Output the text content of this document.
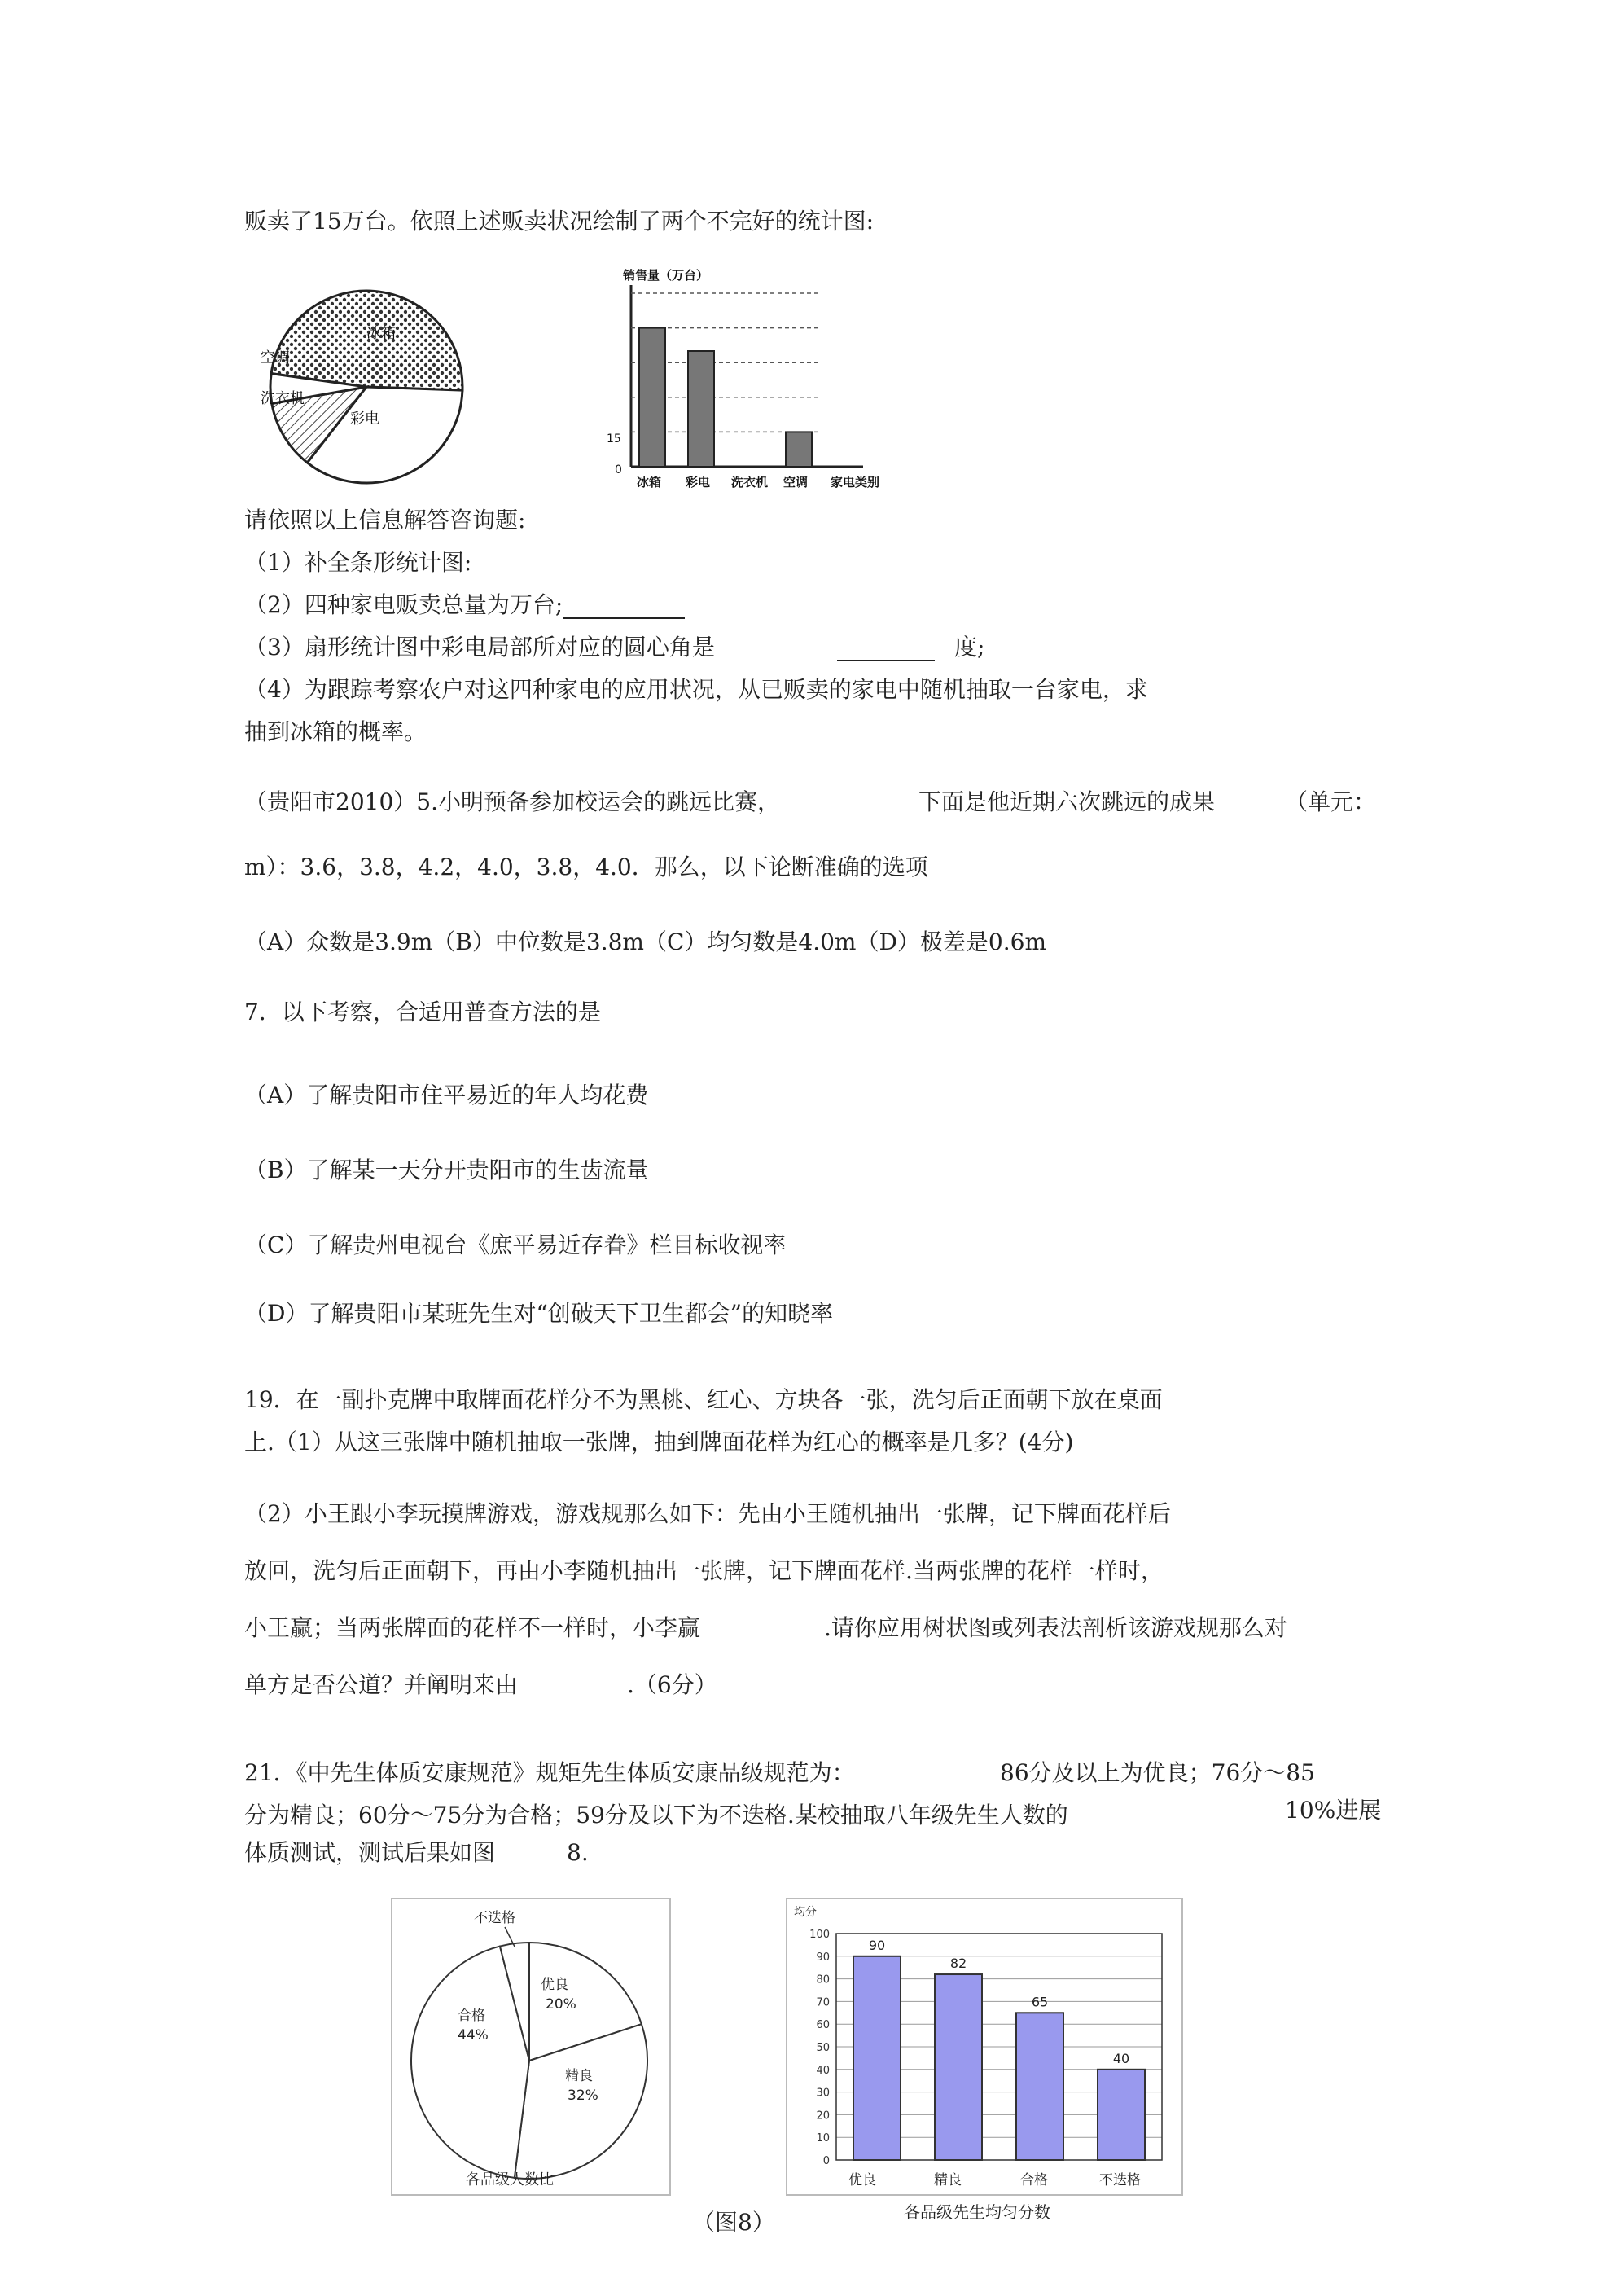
贩卖了15万台。依照上述贩卖状况绘制了两个不完好的统计图:
冰箱
彩电
洗衣机
空调
销售量（万台）
家电类别
0
15
冰箱 彩电 洗衣机 空调
请依照以上信息解答咨询题:
（1）补全条形统计图:
（2）四种家电贩卖总量为万台;
（3）扇形统计图中彩电局部所对应的圆心角是	度;
（4）为跟踪考察农户对这四种家电的应用状况，从已贩卖的家电中随机抽取一台家电，求
抽到冰箱的概率。
（贵阳市2010）5.小明预备参加校运会的跳远比赛，	下面是他近期六次跳远的成果	（单元：
m）：3.6，3.8，4.2，4.0，3.8，4.0．那么，以下论断准确的选项
（A）众数是3.9m（B）中位数是3.8m（C）均匀数是4.0m（D）极差是0.6m
7．以下考察，合适用普查方法的是
（A）了解贵阳市住平易近的年人均花费
（B）了解某一天分开贵阳市的生齿流量
（C）了解贵州电视台《庶平易近存眷》栏目标收视率
（D）了解贵阳市某班先生对“创破天下卫生都会”的知晓率
19．在一副扑克牌中取牌面花样分不为黑桃、红心、方块各一张，洗匀后正面朝下放在桌面
上.（1）从这三张牌中随机抽取一张牌，抽到牌面花样为红心的概率是几多？(4分)
（2）小王跟小李玩摸牌游戏，游戏规那么如下：先由小王随机抽出一张牌，记下牌面花样后
放回，洗匀后正面朝下，再由小李随机抽出一张牌，记下牌面花样.当两张牌的花样一样时，
小王赢；当两张牌面的花样不一样时，小李赢	.请你应用树状图或列表法剖析该游戏规那么对
单方是否公道？并阐明来由	.（6分）
21．《中先生体质安康规范》规矩先生体质安康品级规范为：	86分及以上为优良；76分～85
分为精良；60分～75分为合格；59分及以下为不迭格.某校抽取八年级先生人数的	10%进展
体质测试，测试后果如图	8.
不迭格
优良
20%
精良
32%
合格
44%
各品级人数比
0
10
20
30
40
50
60
70
80
90
100
90
82
65
40
均分
优良	精良	合格	不迭格
各品级先生均匀分数
（图8）
